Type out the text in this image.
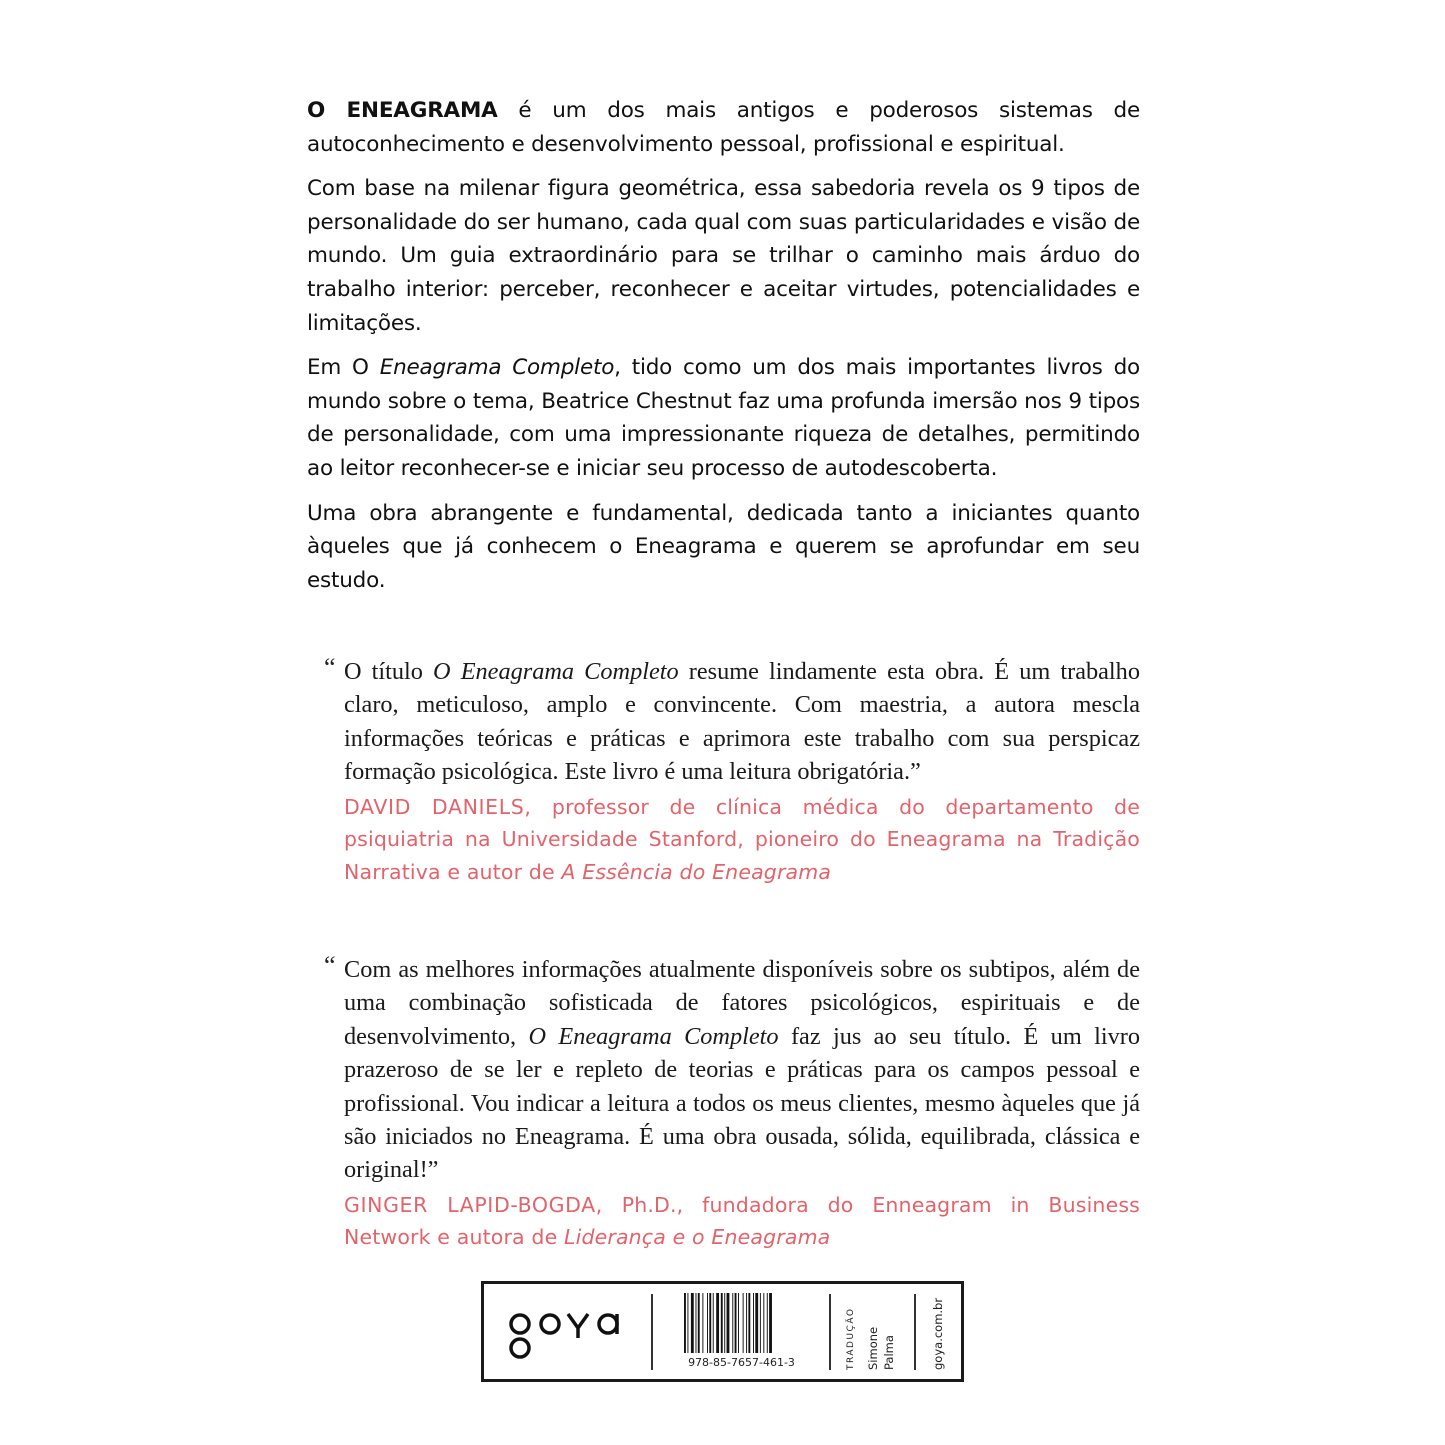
O ENEAGRAMA é um dos mais antigos e poderosos sistemas de autoconhecimento e desenvolvimento pessoal, profissional e espiritual.

Com base na milenar figura geométrica, essa sabedoria revela os 9 tipos de personalidade do ser humano, cada qual com suas particularidades e visão de mundo. Um guia extraordinário para se trilhar o caminho mais árduo do trabalho interior: perceber, reconhecer e aceitar virtudes, potencialidades e limitações.

Em O Eneagrama Completo, tido como um dos mais importantes livros do mundo sobre o tema, Beatrice Chestnut faz uma profunda imersão nos 9 tipos de personalidade, com uma impressionante riqueza de detalhes, permitindo ao leitor reconhecer-se e iniciar seu processo de autodescoberta.

Uma obra abrangente e fundamental, dedicada tanto a iniciantes quanto àqueles que já conhecem o Eneagrama e querem se aprofundar em seu estudo.

“ O título O Eneagrama Completo resume lindamente esta obra. É um trabalho claro, meticuloso, amplo e convincente. Com maestria, a autora mescla informações teóricas e práticas e aprimora este trabalho com sua perspicaz formação psicológica. Este livro é uma leitura obrigatória.”

DAVID DANIELS, professor de clínica médica do departamento de psiquiatria na Universidade Stanford, pioneiro do Eneagrama na Tradição Narrativa e autor de A Essência do Eneagrama

“ Com as melhores informações atualmente disponíveis sobre os subtipos, além de uma combinação sofisticada de fatores psicológicos, espirituais e de desenvolvimento, O Eneagrama Completo faz jus ao seu título. É um livro prazeroso de se ler e repleto de teorias e práticas para os campos pessoal e profissional. Vou indicar a leitura a todos os meus clientes, mesmo àqueles que já são iniciados no Eneagrama. É uma obra ousada, sólida, equilibrada, clássica e original!”

GINGER LAPID-BOGDA, Ph.D., fundadora do Enneagram in Business Network e autora de Liderança e o Eneagrama

978-85-7657-461-3	TRADUÇÃO Simone Palma	goya.com.br
